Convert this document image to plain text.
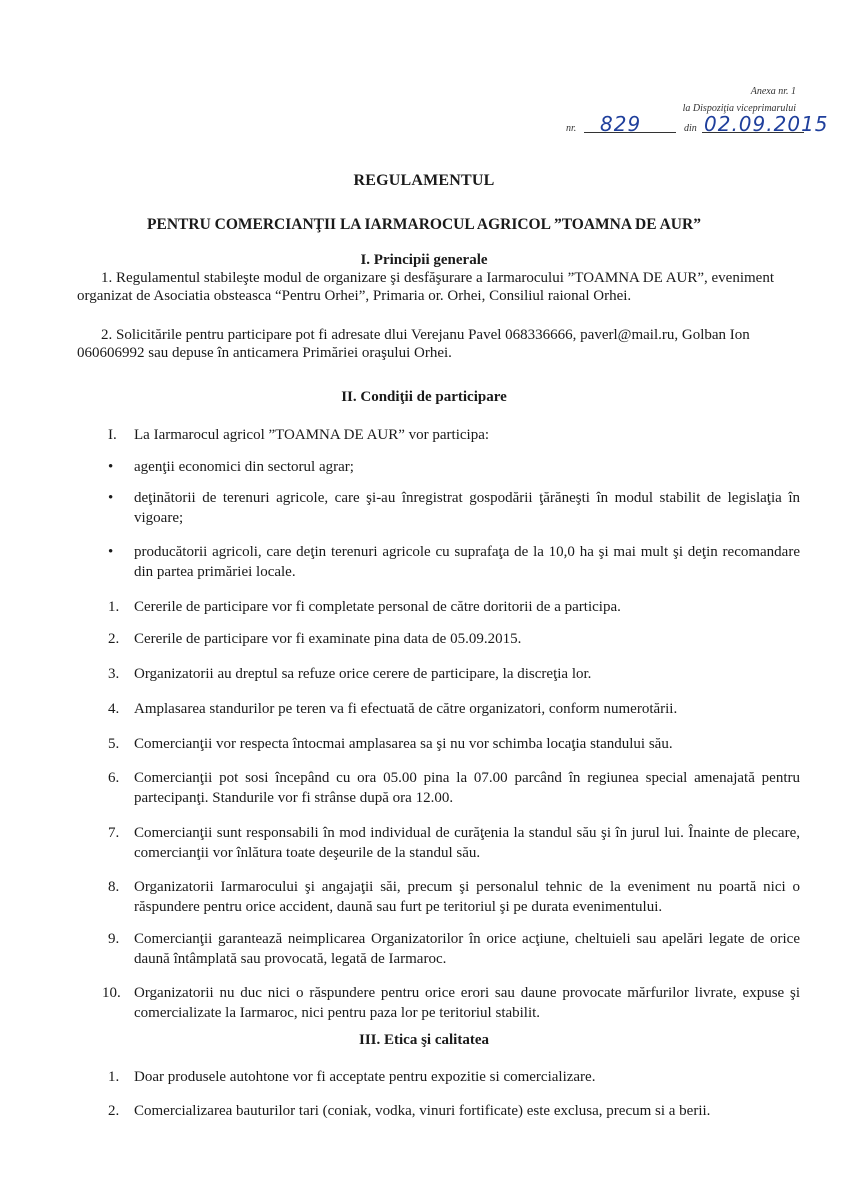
Anexa nr. 1
la Dispoziţia viceprimarului
nr. 829	din 02.09.2015
REGULAMENTUL
PENTRU COMERCIANŢII LA IARMAROCUL AGRICOL ”TOAMNA DE AUR”
I. Principii generale
1. Regulamentul stabileşte modul de organizare şi desfăşurare a Iarmarocului ”TOAMNA DE AUR”, eveniment organizat de Asociatia obsteasca “Pentru Orhei”, Primaria or. Orhei, Consiliul raional Orhei.
2. Solicitările pentru participare pot fi adresate dlui Verejanu Pavel 068336666, paverl@mail.ru, Golban Ion 060606992 sau depuse în anticamera Primăriei oraşului Orhei.
II. Condiţii de participare
I.	La Iarmarocul agricol ”TOAMNA DE AUR” vor participa:
•	agenţii economici din sectorul agrar;
•	deţinătorii de terenuri agricole, care şi-au înregistrat gospodării ţărăneşti în modul stabilit de legislaţia în vigoare;
•	producătorii agricoli, care deţin terenuri agricole cu suprafaţa de la 10,0 ha şi mai mult şi deţin recomandare din partea primăriei locale.
1. Cererile de participare vor fi completate personal de către doritorii de a participa.
2. Cererile de participare vor fi examinate pina data de 05.09.2015.
3. Organizatorii au dreptul sa refuze orice cerere de participare, la discreţia lor.
4. Amplasarea standurilor pe teren va fi efectuată de către organizatori, conform numerotării.
5. Comercianţii vor respecta întocmai amplasarea sa şi nu vor schimba locaţia standului său.
6. Comercianţii pot sosi începând cu ora 05.00 pina la 07.00 parcând în regiunea special amenajată pentru partecipanţi. Standurile vor fi strânse după ora 12.00.
7. Comercianţii sunt responsabili în mod individual de curăţenia la standul său şi în jurul lui. Înainte de plecare, comercianţii vor înlătura toate deşeurile de la standul său.
8. Organizatorii Iarmarocului şi angajaţii săi, precum şi personalul tehnic de la eveniment nu poartă nici o răspundere pentru orice accident, daună sau furt pe teritoriul şi pe durata evenimentului.
9. Comercianţii garantează neimplicarea Organizatorilor în orice acţiune, cheltuieli sau apelări legate de orice daună întâmplată sau provocată, legată de Iarmaroc.
10. Organizatorii nu duc nici o răspundere pentru orice erori sau daune provocate mărfurilor livrate, expuse şi comercializate la Iarmaroc, nici pentru paza lor pe teritoriul stabilit.
III. Etica şi calitatea
1. Doar produsele autohtone vor fi acceptate pentru expozitie si comercializare.
2. Comercializarea bauturilor tari (coniak, vodka, vinuri fortificate) este exclusa, precum si a berii.
